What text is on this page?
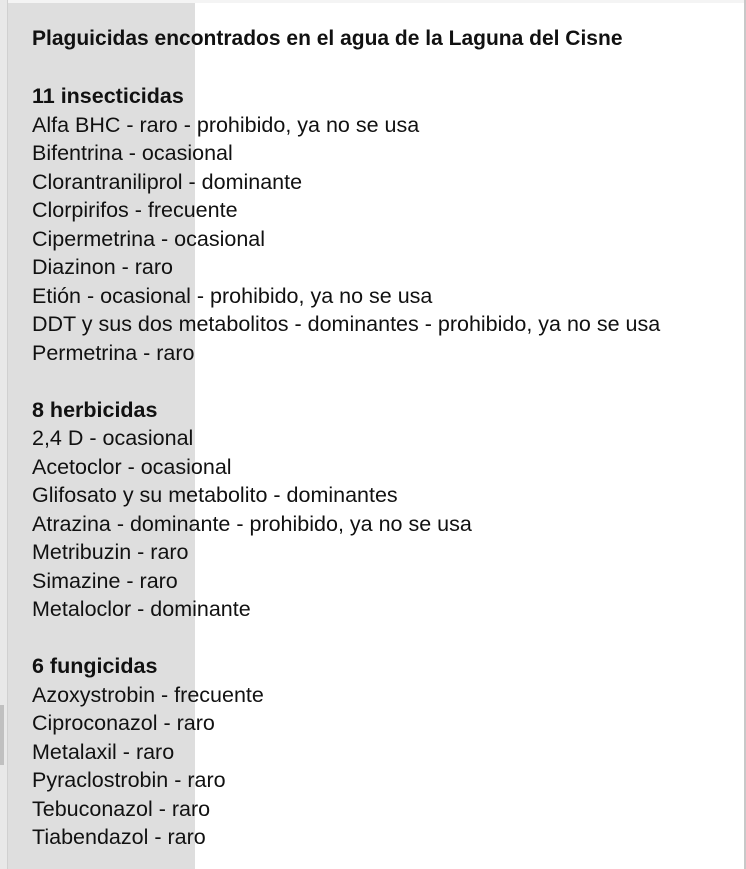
Plaguicidas encontrados en el agua de la Laguna del Cisne
11 insecticidas
Alfa BHC - raro - prohibido, ya no se usa
Bifentrina - ocasional
Clorantraniliprol - dominante
Clorpirifos - frecuente
Cipermetrina - ocasional
Diazinon - raro
Etión - ocasional - prohibido, ya no se usa
DDT y sus dos metabolitos - dominantes - prohibido, ya no se usa
Permetrina - raro
8 herbicidas
2,4 D - ocasional
Acetoclor - ocasional
Glifosato y su metabolito - dominantes
Atrazina - dominante - prohibido, ya no se usa
Metribuzin - raro
Simazine - raro
Metaloclor - dominante
6 fungicidas
Azoxystrobin - frecuente
Ciproconazol - raro
Metalaxil - raro
Pyraclostrobin - raro
Tebuconazol - raro
Tiabendazol - raro
